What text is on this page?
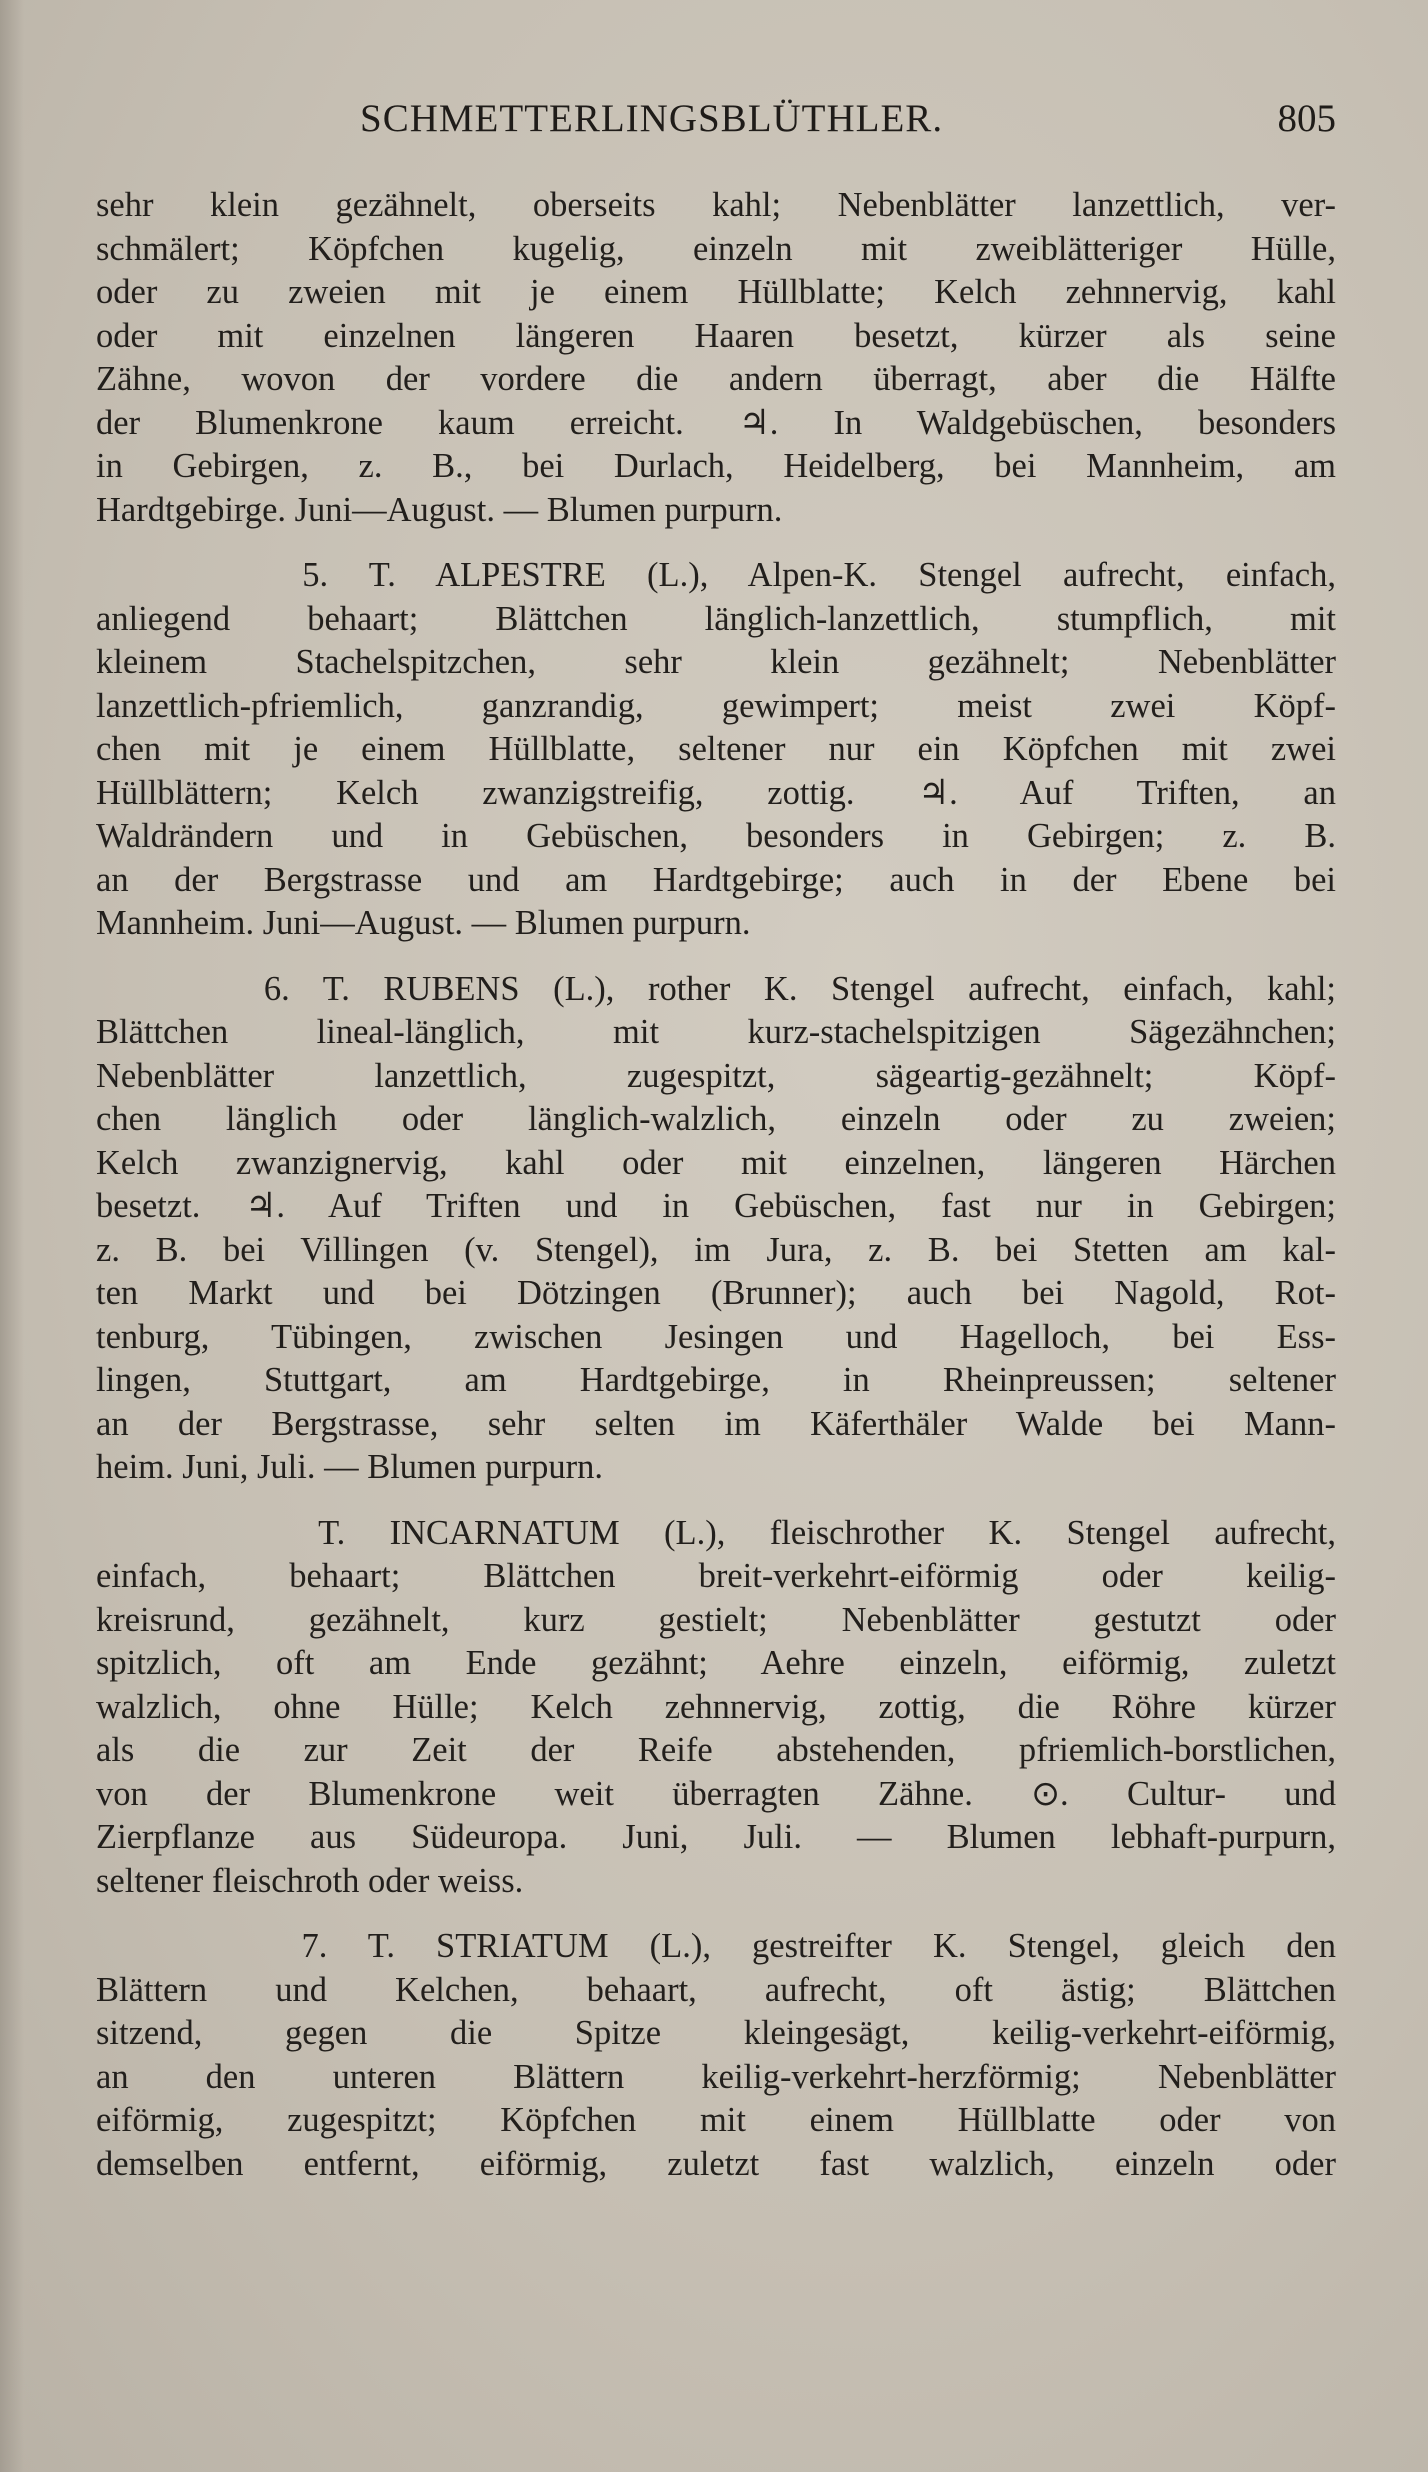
SCHMETTERLINGSBLÜTHLER.	805
sehr klein gezähnelt, oberseits kahl; Nebenblätter lanzettlich, ver-
schmälert; Köpfchen kugelig, einzeln mit zweiblätteriger Hülle,
oder zu zweien mit je einem Hüllblatte; Kelch zehnnervig, kahl
oder mit einzelnen längeren Haaren besetzt, kürzer als seine
Zähne, wovon der vordere die andern überragt, aber die Hälfte
der Blumenkrone kaum erreicht. ♃. In Waldgebüschen, besonders
in Gebirgen, z. B., bei Durlach, Heidelberg, bei Mannheim, am
Hardtgebirge. Juni—August. — Blumen purpurn.
5. T. ALPESTRE (L.), Alpen-K. Stengel aufrecht, einfach,
anliegend behaart; Blättchen länglich-lanzettlich, stumpflich, mit
kleinem Stachelspitzchen, sehr klein gezähnelt; Nebenblätter
lanzettlich-pfriemlich, ganzrandig, gewimpert; meist zwei Köpf-
chen mit je einem Hüllblatte, seltener nur ein Köpfchen mit zwei
Hüllblättern; Kelch zwanzigstreifig, zottig. ♃. Auf Triften, an
Waldrändern und in Gebüschen, besonders in Gebirgen; z. B.
an der Bergstrasse und am Hardtgebirge; auch in der Ebene bei
Mannheim. Juni—August. — Blumen purpurn.
6. T. RUBENS (L.), rother K. Stengel aufrecht, einfach, kahl;
Blättchen lineal-länglich, mit kurz-stachelspitzigen Sägezähnchen;
Nebenblätter lanzettlich, zugespitzt, sägeartig-gezähnelt; Köpf-
chen länglich oder länglich-walzlich, einzeln oder zu zweien;
Kelch zwanzignervig, kahl oder mit einzelnen, längeren Härchen
besetzt. ♃. Auf Triften und in Gebüschen, fast nur in Gebirgen;
z. B. bei Villingen (v. Stengel), im Jura, z. B. bei Stetten am kal-
ten Markt und bei Dötzingen (Brunner); auch bei Nagold, Rot-
tenburg, Tübingen, zwischen Jesingen und Hagelloch, bei Ess-
lingen, Stuttgart, am Hardtgebirge, in Rheinpreussen; seltener
an der Bergstrasse, sehr selten im Käferthäler Walde bei Mann-
heim. Juni, Juli. — Blumen purpurn.
T. INCARNATUM (L.), fleischrother K. Stengel aufrecht,
einfach, behaart; Blättchen breit-verkehrt-eiförmig oder keilig-
kreisrund, gezähnelt, kurz gestielt; Nebenblätter gestutzt oder
spitzlich, oft am Ende gezähnt; Aehre einzeln, eiförmig, zuletzt
walzlich, ohne Hülle; Kelch zehnnervig, zottig, die Röhre kürzer
als die zur Zeit der Reife abstehenden, pfriemlich-borstlichen,
von der Blumenkrone weit überragten Zähne. ⊙. Cultur- und
Zierpflanze aus Südeuropa. Juni, Juli. — Blumen lebhaft-purpurn,
seltener fleischroth oder weiss.
7. T. STRIATUM (L.), gestreifter K. Stengel, gleich den
Blättern und Kelchen, behaart, aufrecht, oft ästig; Blättchen
sitzend, gegen die Spitze kleingesägt, keilig-verkehrt-eiförmig,
an den unteren Blättern keilig-verkehrt-herzförmig; Nebenblätter
eiförmig, zugespitzt; Köpfchen mit einem Hüllblatte oder von
demselben entfernt, eiförmig, zuletzt fast walzlich, einzeln oder
